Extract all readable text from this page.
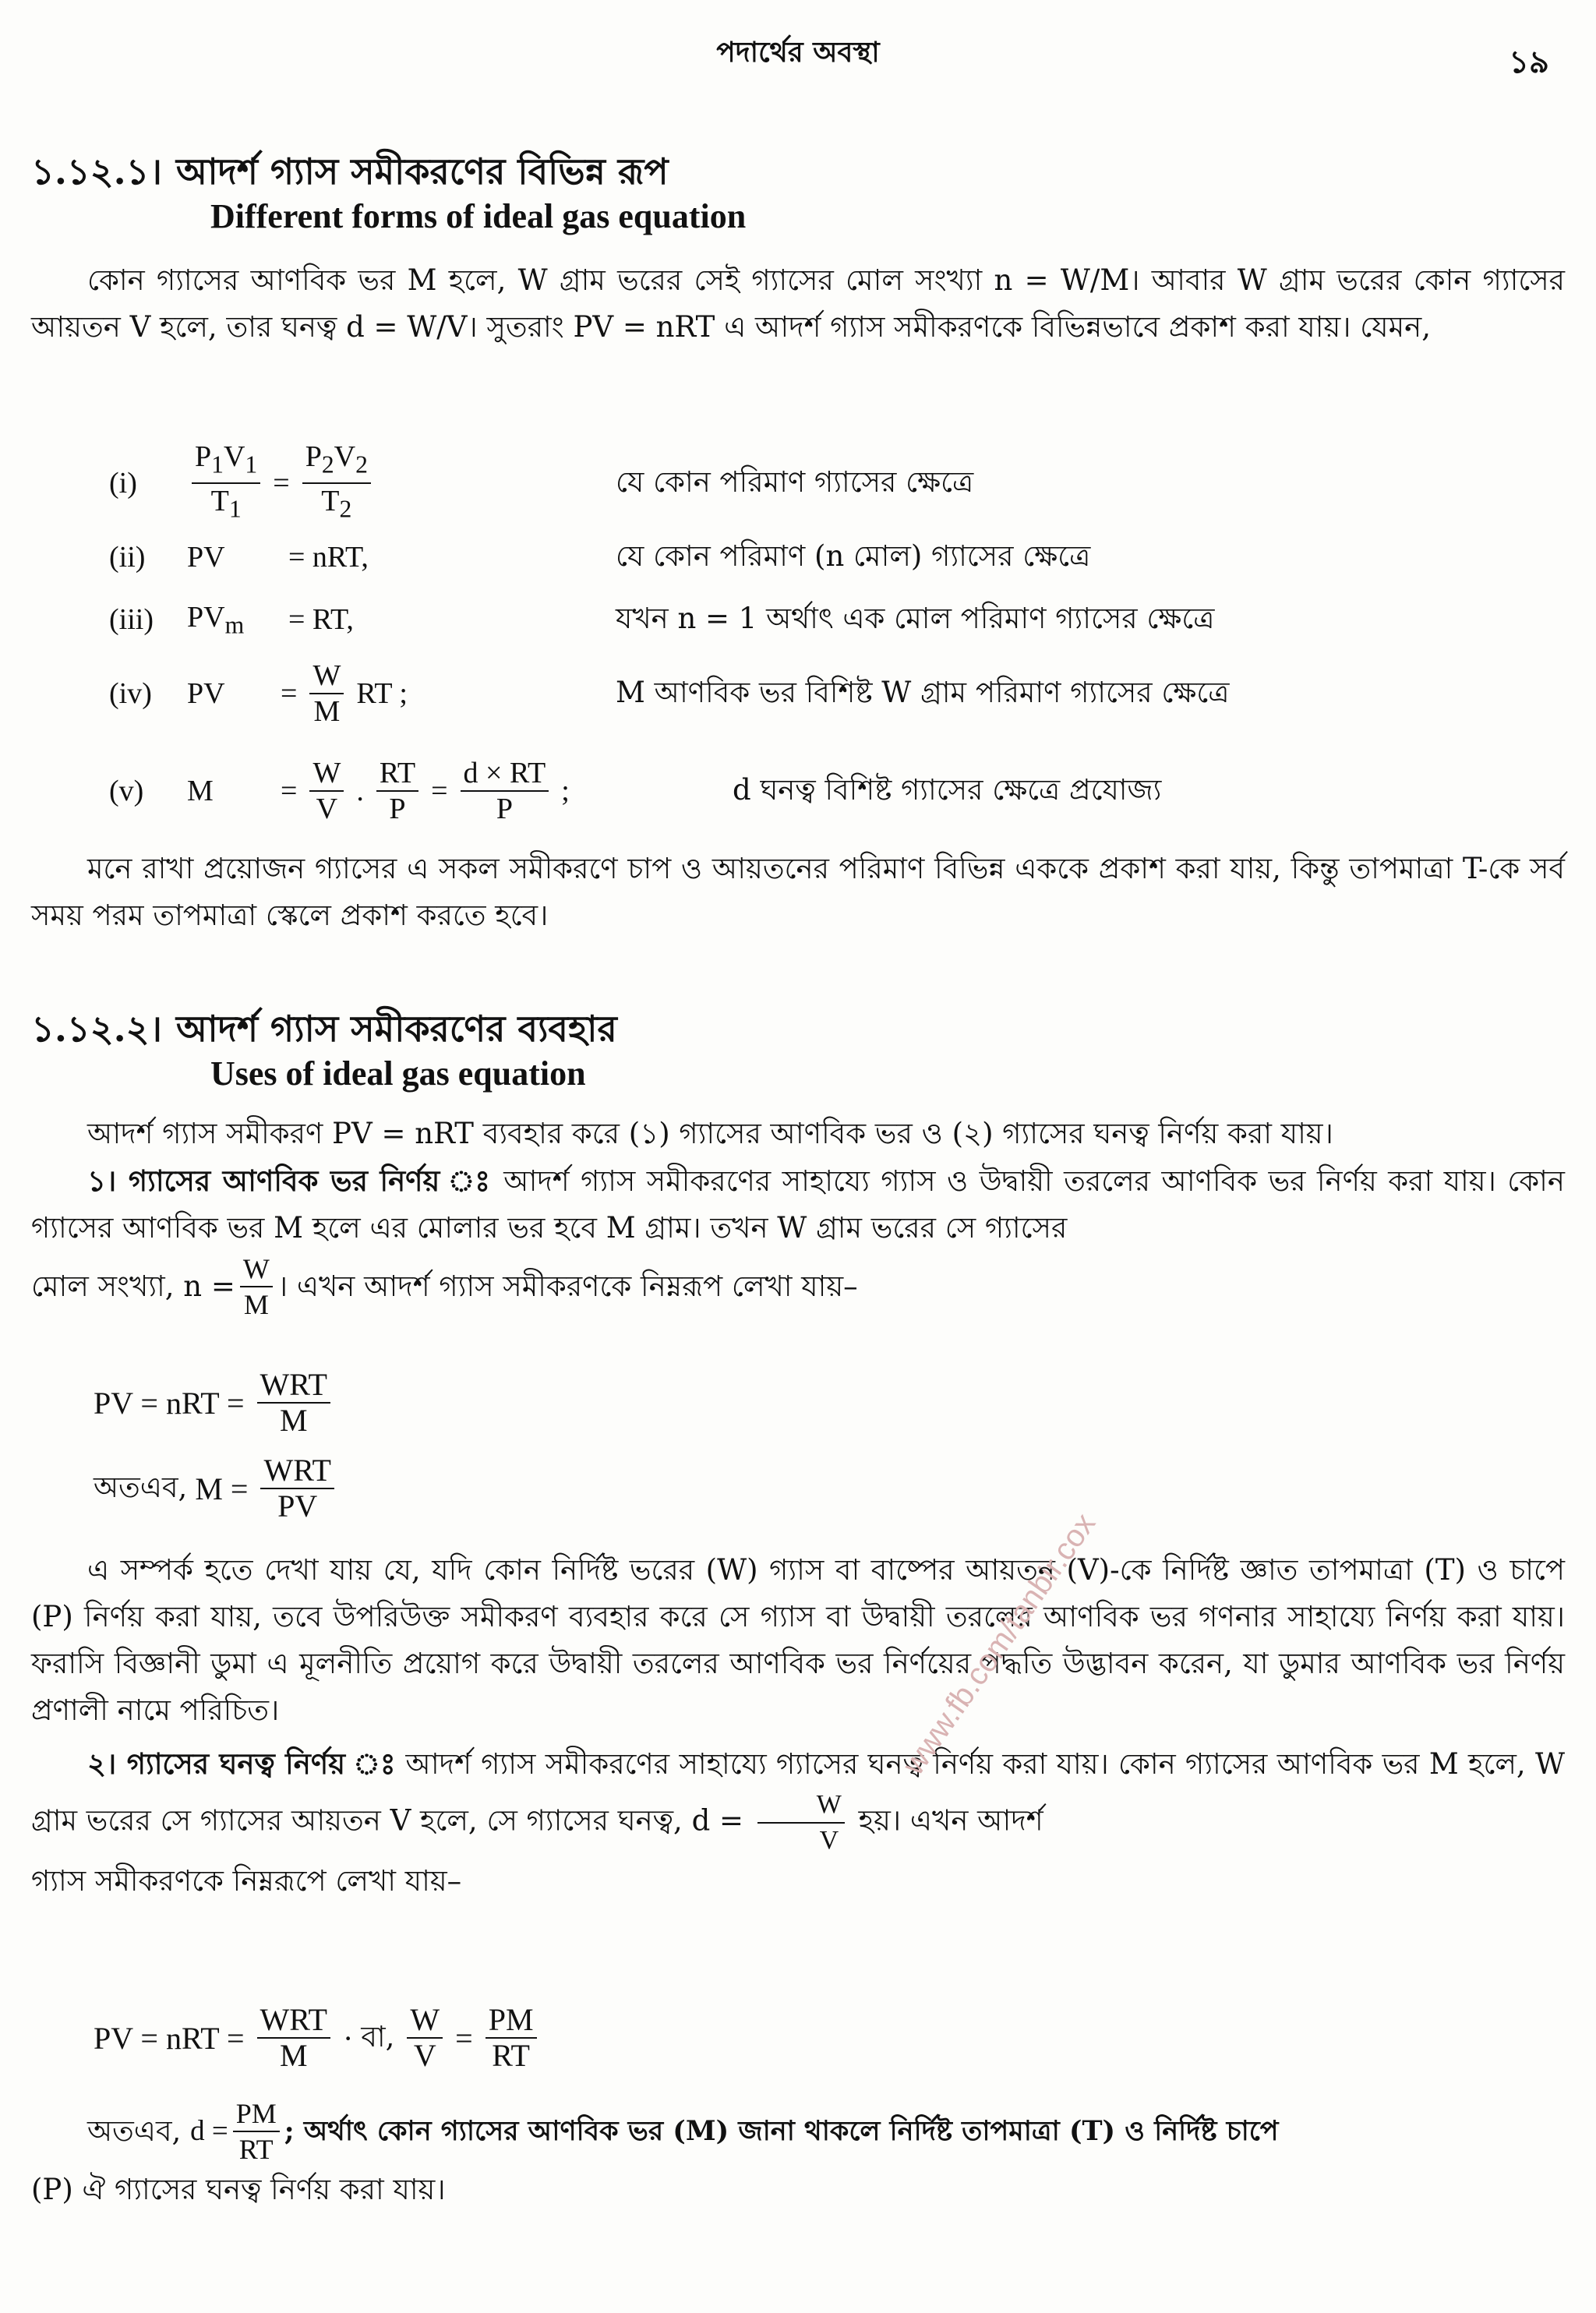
পদার্থের অবস্থা	১৯
১.১২.১। আদর্শ গ্যাস সমীকরণের বিভিন্ন রূপ
Different forms of ideal gas equation

কোন গ্যাসের আণবিক ভর M হলে, W গ্রাম ভরের সেই গ্যাসের মোল সংখ্যা n = W/M। আবার W গ্রাম ভরের কোন গ্যাসের আয়তন V হলে, তার ঘনত্ব d = W/V। সুতরাং PV = nRT এ আদর্শ গ্যাস সমীকরণকে বিভিন্নভাবে প্রকাশ করা যায়। যেমন,

(i)	$\frac{P_1V_1}{T_1} = \frac{P_2V_2}{T_2}$	যে কোন পরিমাণ গ্যাসের ক্ষেত্রে
(ii)	PV	= nRT,	যে কোন পরিমাণ (n মোল) গ্যাসের ক্ষেত্রে
(iii)	$PV_m$	= RT,	যখন n = 1 অর্থাৎ এক মোল পরিমাণ গ্যাসের ক্ষেত্রে
(iv)	PV	= $\frac{W}{M}$ RT ;	M আণবিক ভর বিশিষ্ট W গ্রাম পরিমাণ গ্যাসের ক্ষেত্রে
(v)	M	= $\frac{W}{V}$ . $\frac{RT}{P} = \frac{d \times RT}{P}$ ;	d ঘনত্ব বিশিষ্ট গ্যাসের ক্ষেত্রে প্রযোজ্য

মনে রাখা প্রয়োজন গ্যাসের এ সকল সমীকরণে চাপ ও আয়তনের পরিমাণ বিভিন্ন এককে প্রকাশ করা যায়, কিন্তু তাপমাত্রা T-কে সর্ব সময় পরম তাপমাত্রা স্কেলে প্রকাশ করতে হবে।

১.১২.২। আদর্শ গ্যাস সমীকরণের ব্যবহার
Uses of ideal gas equation

আদর্শ গ্যাস সমীকরণ PV = nRT ব্যবহার করে (১) গ্যাসের আণবিক ভর ও (২) গ্যাসের ঘনত্ব নির্ণয় করা যায়।

১। গ্যাসের আণবিক ভর নির্ণয় ঃ আদর্শ গ্যাস সমীকরণের সাহায্যে গ্যাস ও উদ্বায়ী তরলের আণবিক ভর নির্ণয় করা যায়। কোন গ্যাসের আণবিক ভর M হলে এর মোলার ভর হবে M গ্রাম। তখন W গ্রাম ভরের সে গ্যাসের

মোল সংখ্যা, $n = \frac{W}{M}$ । এখন আদর্শ গ্যাস সমীকরণকে নিম্নরূপ লেখা যায়–

PV = nRT = $\frac{\text{WRT}}{M}$
অতএব, $M = \frac{\text{WRT}}{PV}$

এ সম্পর্ক হতে দেখা যায় যে, যদি কোন নির্দিষ্ট ভরের (W) গ্যাস বা বাষ্পের আয়তন (V)-কে নির্দিষ্ট জ্ঞাত তাপমাত্রা (T) ও চাপে (P) নির্ণয় করা যায়, তবে উপরিউক্ত সমীকরণ ব্যবহার করে সে গ্যাস বা উদ্বায়ী তরলের আণবিক ভর গণনার সাহায্যে নির্ণয় করা যায়। ফরাসি বিজ্ঞানী ডুমা এ মূলনীতি প্রয়োগ করে উদ্বায়ী তরলের আণবিক ভর নির্ণয়ের পদ্ধতি উদ্ভাবন করেন, যা ডুমার আণবিক ভর নির্ণয় প্রণালী নামে পরিচিত।

২। গ্যাসের ঘনত্ব নির্ণয় ঃ আদর্শ গ্যাস সমীকরণের সাহায্যে গ্যাসের ঘনত্ব নির্ণয় করা যায়। কোন গ্যাসের আণবিক ভর M হলে, W গ্রাম ভরের সে গ্যাসের আয়তন V হলে, সে গ্যাসের ঘনত্ব, $d = \frac{W}{V}$ হয়। এখন আদর্শ

গ্যাস সমীকরণকে নিম্নরূপে লেখা যায়–

PV = nRT = $\frac{\text{WRT}}{M}$ · বা, $\frac{W}{V} = \frac{PM}{RT}$

অতএব,
$d = \frac{PM}{RT}$ ; অর্থাৎ কোন গ্যাসের আণবিক ভর (M) জানা থাকলে নির্দিষ্ট তাপমাত্রা (T) ও নির্দিষ্ট চাপে

(P) ঐ গ্যাসের ঘনত্ব নির্ণয় করা যায়।

www.fb.com/tanbir.cox
